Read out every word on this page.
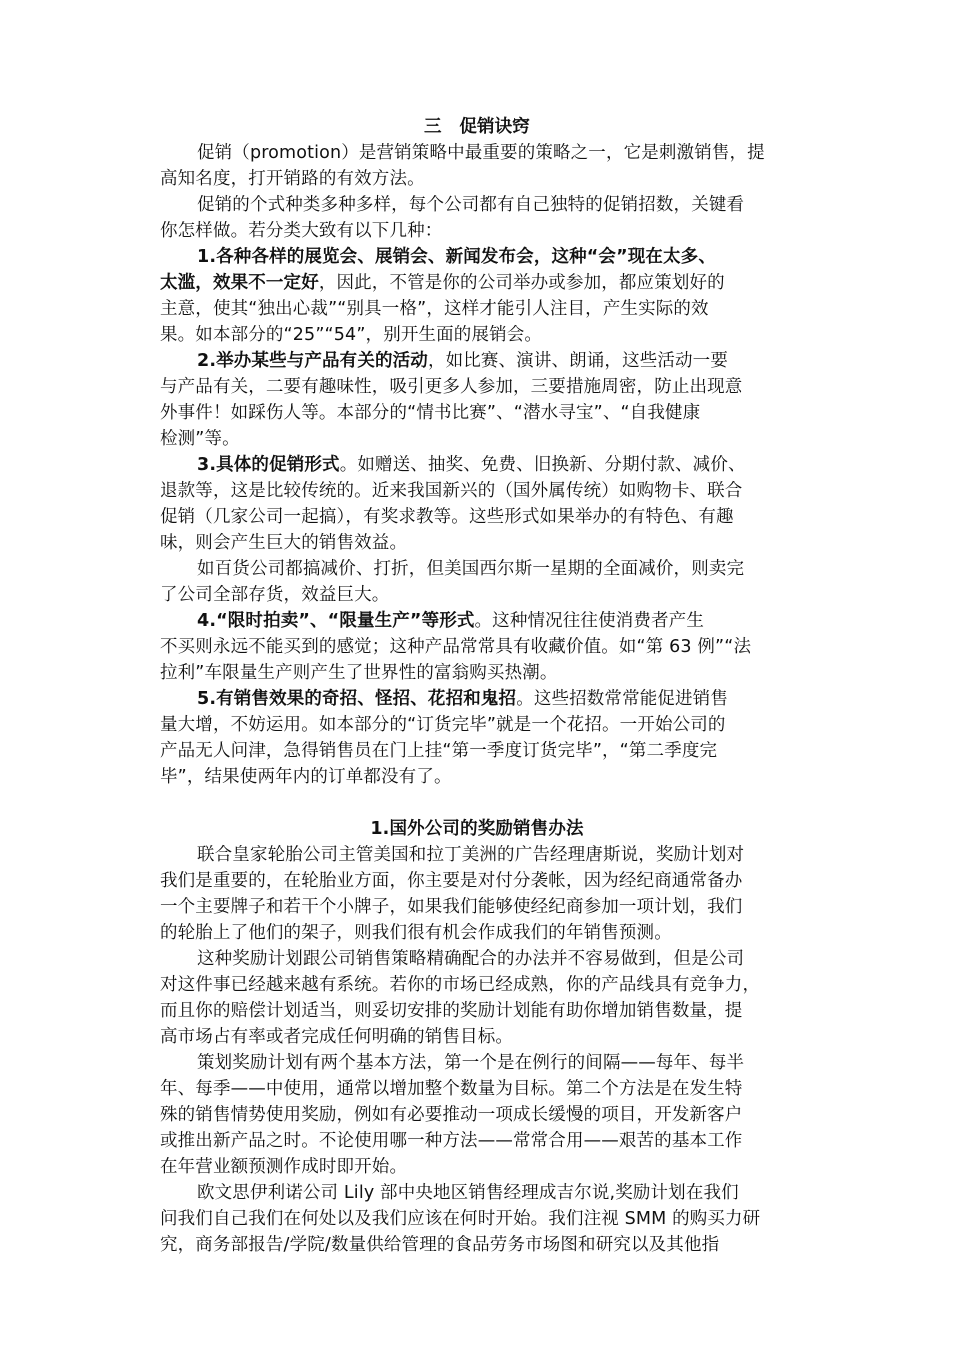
三　促销诀窍
促销（promotion）是营销策略中最重要的策略之一，它是刺激销售，提
高知名度，打开销路的有效方法。
促销的个式种类多种多样，每个公司都有自己独特的促销招数，关键看
你怎样做。若分类大致有以下几种：
1.各种各样的展览会、展销会、新闻发布会，这种“会”现在太多、
太滥，效果不一定好，因此，不管是你的公司举办或参加，都应策划好的
主意，使其“独出心裁”“别具一格”，这样才能引人注目，产生实际的效
果。如本部分的“25”“54”，别开生面的展销会。
2.举办某些与产品有关的活动，如比赛、演讲、朗诵，这些活动一要
与产品有关，二要有趣味性，吸引更多人参加，三要措施周密，防止出现意
外事件！如踩伤人等。本部分的“情书比赛”、“潜水寻宝”、“自我健康
检测”等。
3.具体的促销形式。如赠送、抽奖、免费、旧换新、分期付款、减价、
退款等，这是比较传统的。近来我国新兴的（国外属传统）如购物卡、联合
促销（几家公司一起搞），有奖求教等。这些形式如果举办的有特色、有趣
味，则会产生巨大的销售效益。
如百货公司都搞减价、打折，但美国西尔斯一星期的全面减价，则卖完
了公司全部存货，效益巨大。
4.“限时拍卖”、“限量生产”等形式。这种情况往往使消费者产生
不买则永远不能买到的感觉；这种产品常常具有收藏价值。如“第 63 例”“法
拉利”车限量生产则产生了世界性的富翁购买热潮。
5.有销售效果的奇招、怪招、花招和鬼招。这些招数常常能促进销售
量大增，不妨运用。如本部分的“订货完毕”就是一个花招。一开始公司的
产品无人问津，急得销售员在门上挂“第一季度订货完毕”，“第二季度完
毕”，结果使两年内的订单都没有了。
1.国外公司的奖励销售办法
联合皇家轮胎公司主管美国和拉丁美洲的广告经理唐斯说，奖励计划对
我们是重要的，在轮胎业方面，你主要是对付分袭帐，因为经纪商通常备办
一个主要牌子和若干个小牌子，如果我们能够使经纪商参加一项计划，我们
的轮胎上了他们的架子，则我们很有机会作成我们的年销售预测。
这种奖励计划跟公司销售策略精确配合的办法并不容易做到，但是公司
对这件事已经越来越有系统。若你的市场已经成熟，你的产品线具有竞争力，
而且你的赔偿计划适当，则妥切安排的奖励计划能有助你增加销售数量，提
高市场占有率或者完成任何明确的销售目标。
策划奖励计划有两个基本方法，第一个是在例行的间隔——每年、每半
年、每季——中使用，通常以增加整个数量为目标。第二个方法是在发生特
殊的销售情势使用奖励，例如有必要推动一项成长缓慢的项目，开发新客户
或推出新产品之时。不论使用哪一种方法——常常合用——艰苦的基本工作
在年营业额预测作成时即开始。
欧文思伊利诺公司 Lily 部中央地区销售经理成吉尔说,奖励计划在我们
问我们自己我们在何处以及我们应该在何时开始。我们注视 SMM 的购买力研
究，商务部报告/学院/数量供给管理的食品劳务市场图和研究以及其他指
